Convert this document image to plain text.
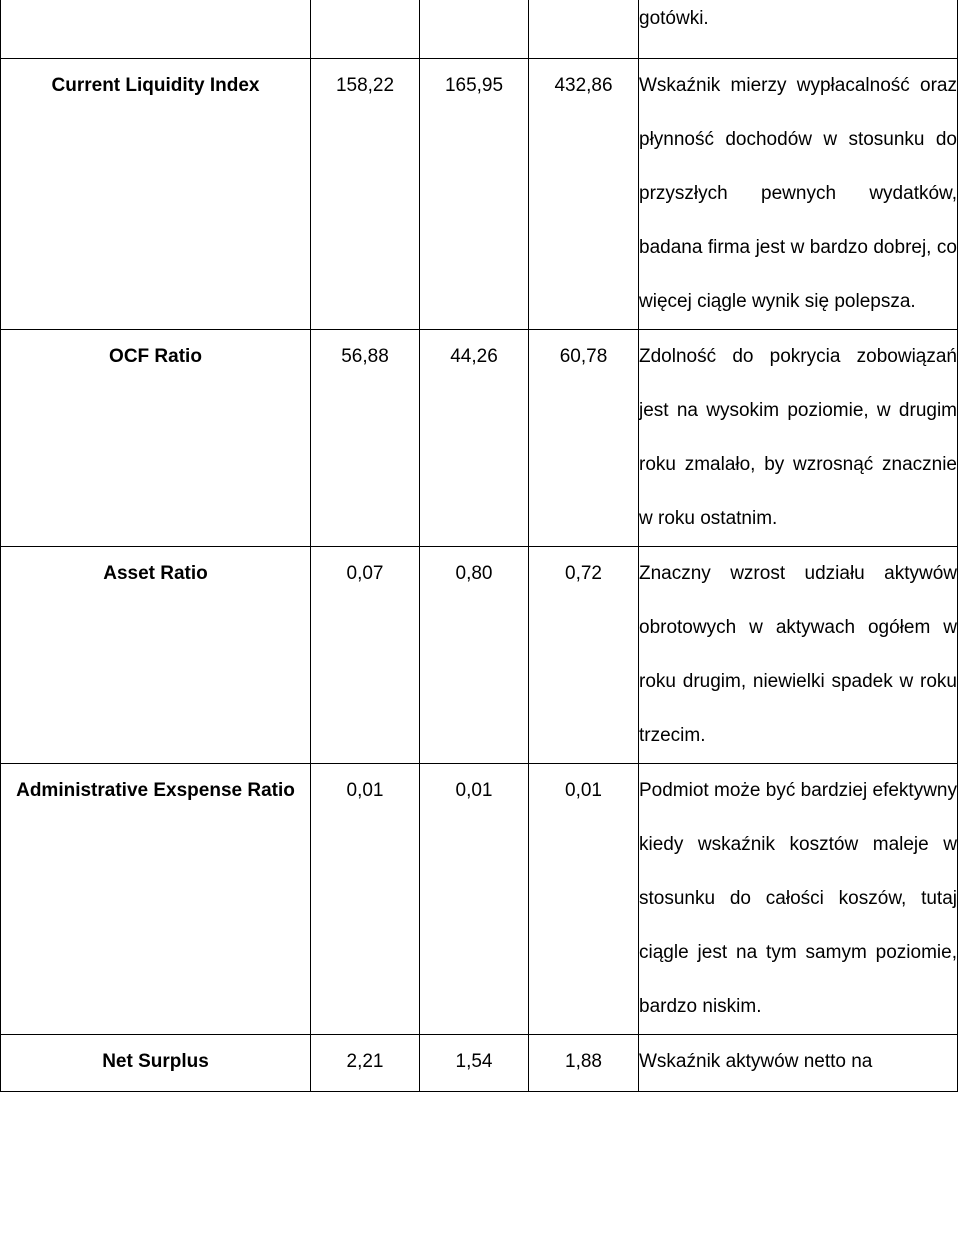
				gotówki.
Current Liquidity Index	158,22	165,95	432,86	Wskaźnik mierzy wypłacalność oraz płynność dochodów w stosunku do przyszłych pewnych wydatków, badana firma jest w bardzo dobrej, co więcej ciągle wynik się polepsza.
OCF Ratio	56,88	44,26	60,78	Zdolność do pokrycia zobowiązań jest na wysokim poziomie, w drugim roku zmalało, by wzrosnąć znacznie w roku ostatnim.
Asset Ratio	0,07	0,80	0,72	Znaczny wzrost udziału aktywów obrotowych w aktywach ogółem w roku drugim, niewielki spadek w roku trzecim.
Administrative Exspense Ratio	0,01	0,01	0,01	Podmiot może być bardziej efektywny kiedy wskaźnik kosztów maleje w stosunku do całości koszów, tutaj ciągle jest na tym samym poziomie, bardzo niskim.
Net Surplus	2,21	1,54	1,88	Wskaźnik aktywów netto na
